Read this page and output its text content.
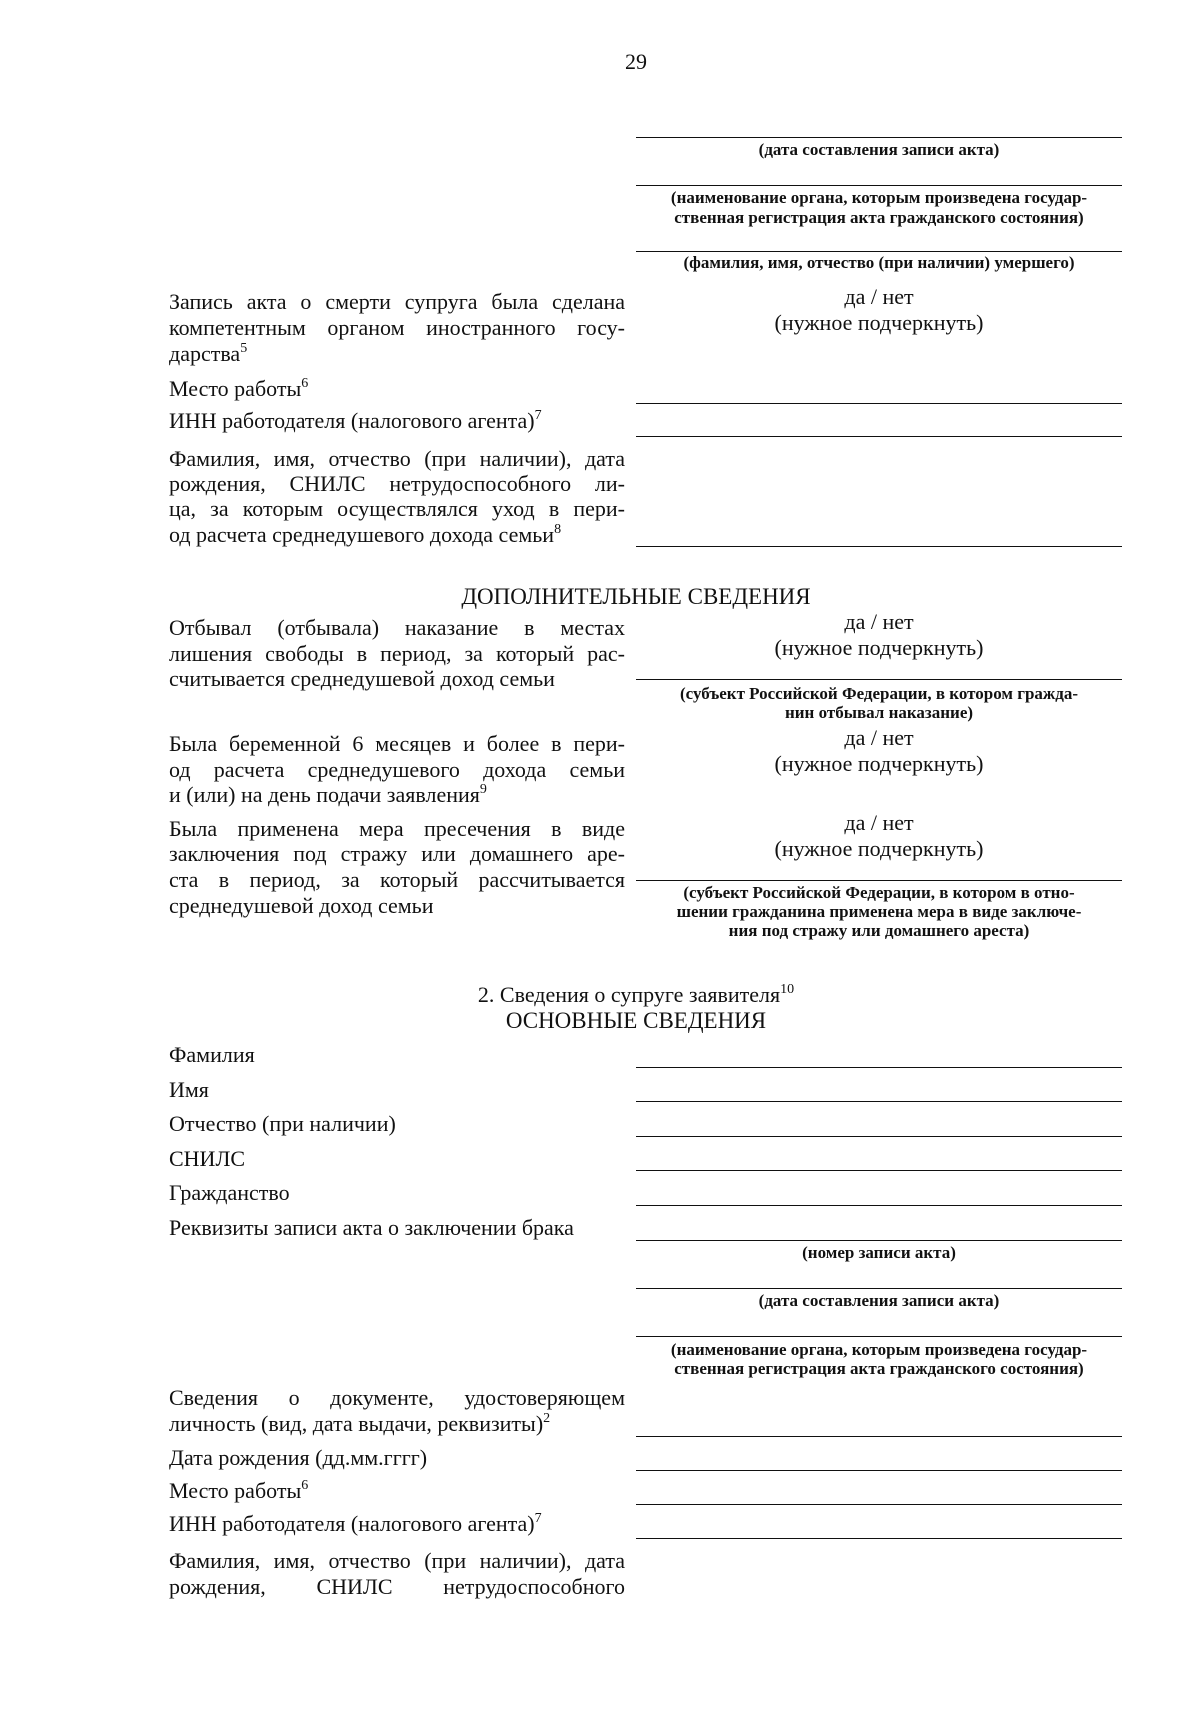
29
(дата составления записи акта)
(наименование органа, которым произведена государ-
ственная регистрация акта гражданского состояния)
(фамилия, имя, отчество (при наличии) умершего)
Запись акта о смерти супруга была сделана
компетентным органом иностранного госу-
дарства$^5$
да / нет
(нужное подчеркнуть)
Место работы$^6$
ИНН работодателя (налогового агента)$^7$
Фамилия, имя, отчество (при наличии), дата
рождения, СНИЛС нетрудоспособного ли-
ца, за которым осуществлялся уход в пери-
од расчета среднедушевого дохода семьи$^8$
ДОПОЛНИТЕЛЬНЫЕ СВЕДЕНИЯ
Отбывал (отбывала) наказание в местах
лишения свободы в период, за который рас-
считывается среднедушевой доход семьи
да / нет
(нужное подчеркнуть)
(субъект Российской Федерации, в котором гражда-
нин отбывал наказание)
Была беременной 6 месяцев и более в пери-
од расчета среднедушевого дохода семьи
и (или) на день подачи заявления$^9$
да / нет
(нужное подчеркнуть)
Была применена мера пресечения в виде
заключения под стражу или домашнего аре-
ста в период, за который рассчитывается
среднедушевой доход семьи
да / нет
(нужное подчеркнуть)
(субъект Российской Федерации, в котором в отно-
шении гражданина применена мера в виде заключе-
ния под стражу или домашнего ареста)
2. Сведения о супруге заявителя$^{10}$
ОСНОВНЫЕ СВЕДЕНИЯ
Фамилия
Имя
Отчество (при наличии)
СНИЛС
Гражданство
Реквизиты записи акта о заключении брака
(номер записи акта)
(дата составления записи акта)
(наименование органа, которым произведена государ-
ственная регистрация акта гражданского состояния)
Сведения о документе, удостоверяющем
личность (вид, дата выдачи, реквизиты)$^2$
Дата рождения (дд.мм.гггг)
Место работы$^6$
ИНН работодателя (налогового агента)$^7$
Фамилия, имя, отчество (при наличии), дата
рождения, СНИЛС нетрудоспособного
